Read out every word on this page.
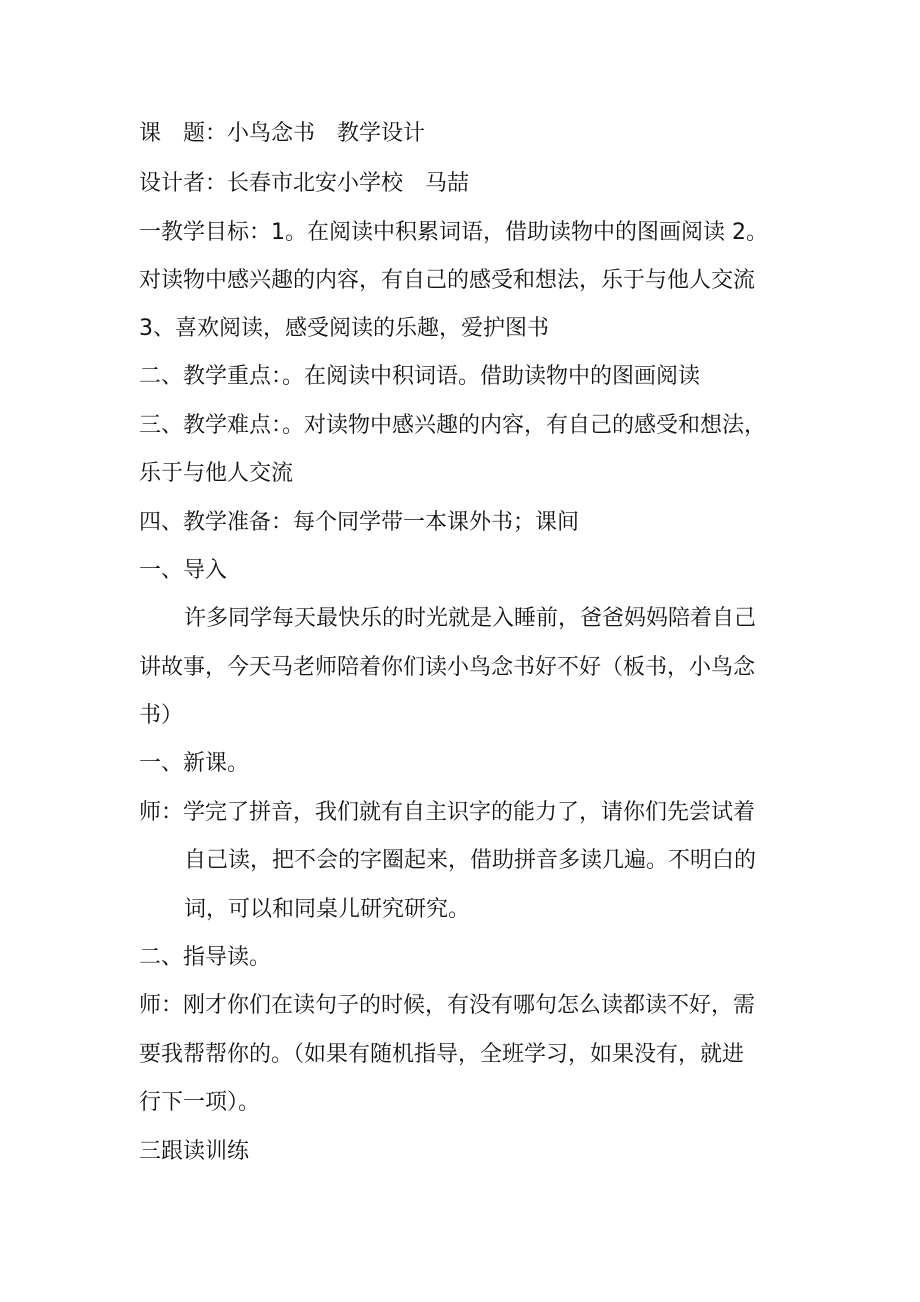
课　题：小鸟念书　教学设计
设计者：长春市北安小学校　马喆
一教学目标：1。在阅读中积累词语，借助读物中的图画阅读 2。
对读物中感兴趣的内容，有自己的感受和想法，乐于与他人交流
3、喜欢阅读，感受阅读的乐趣，爱护图书
二、教学重点：。在阅读中积词语。借助读物中的图画阅读
三、教学难点：。对读物中感兴趣的内容，有自己的感受和想法，
乐于与他人交流
四、教学准备：每个同学带一本课外书；课间
一、导入
许多同学每天最快乐的时光就是入睡前，爸爸妈妈陪着自己
讲故事，今天马老师陪着你们读小鸟念书好不好（板书，小鸟念
书）
一、新课。
师：学完了拼音，我们就有自主识字的能力了，请你们先尝试着
自己读，把不会的字圈起来，借助拼音多读几遍。不明白的
词，可以和同桌儿研究研究。
二、指导读。
师：刚才你们在读句子的时候，有没有哪句怎么读都读不好，需
要我帮帮你的。（如果有随机指导，全班学习，如果没有，就进
行下一项）。
三跟读训练
